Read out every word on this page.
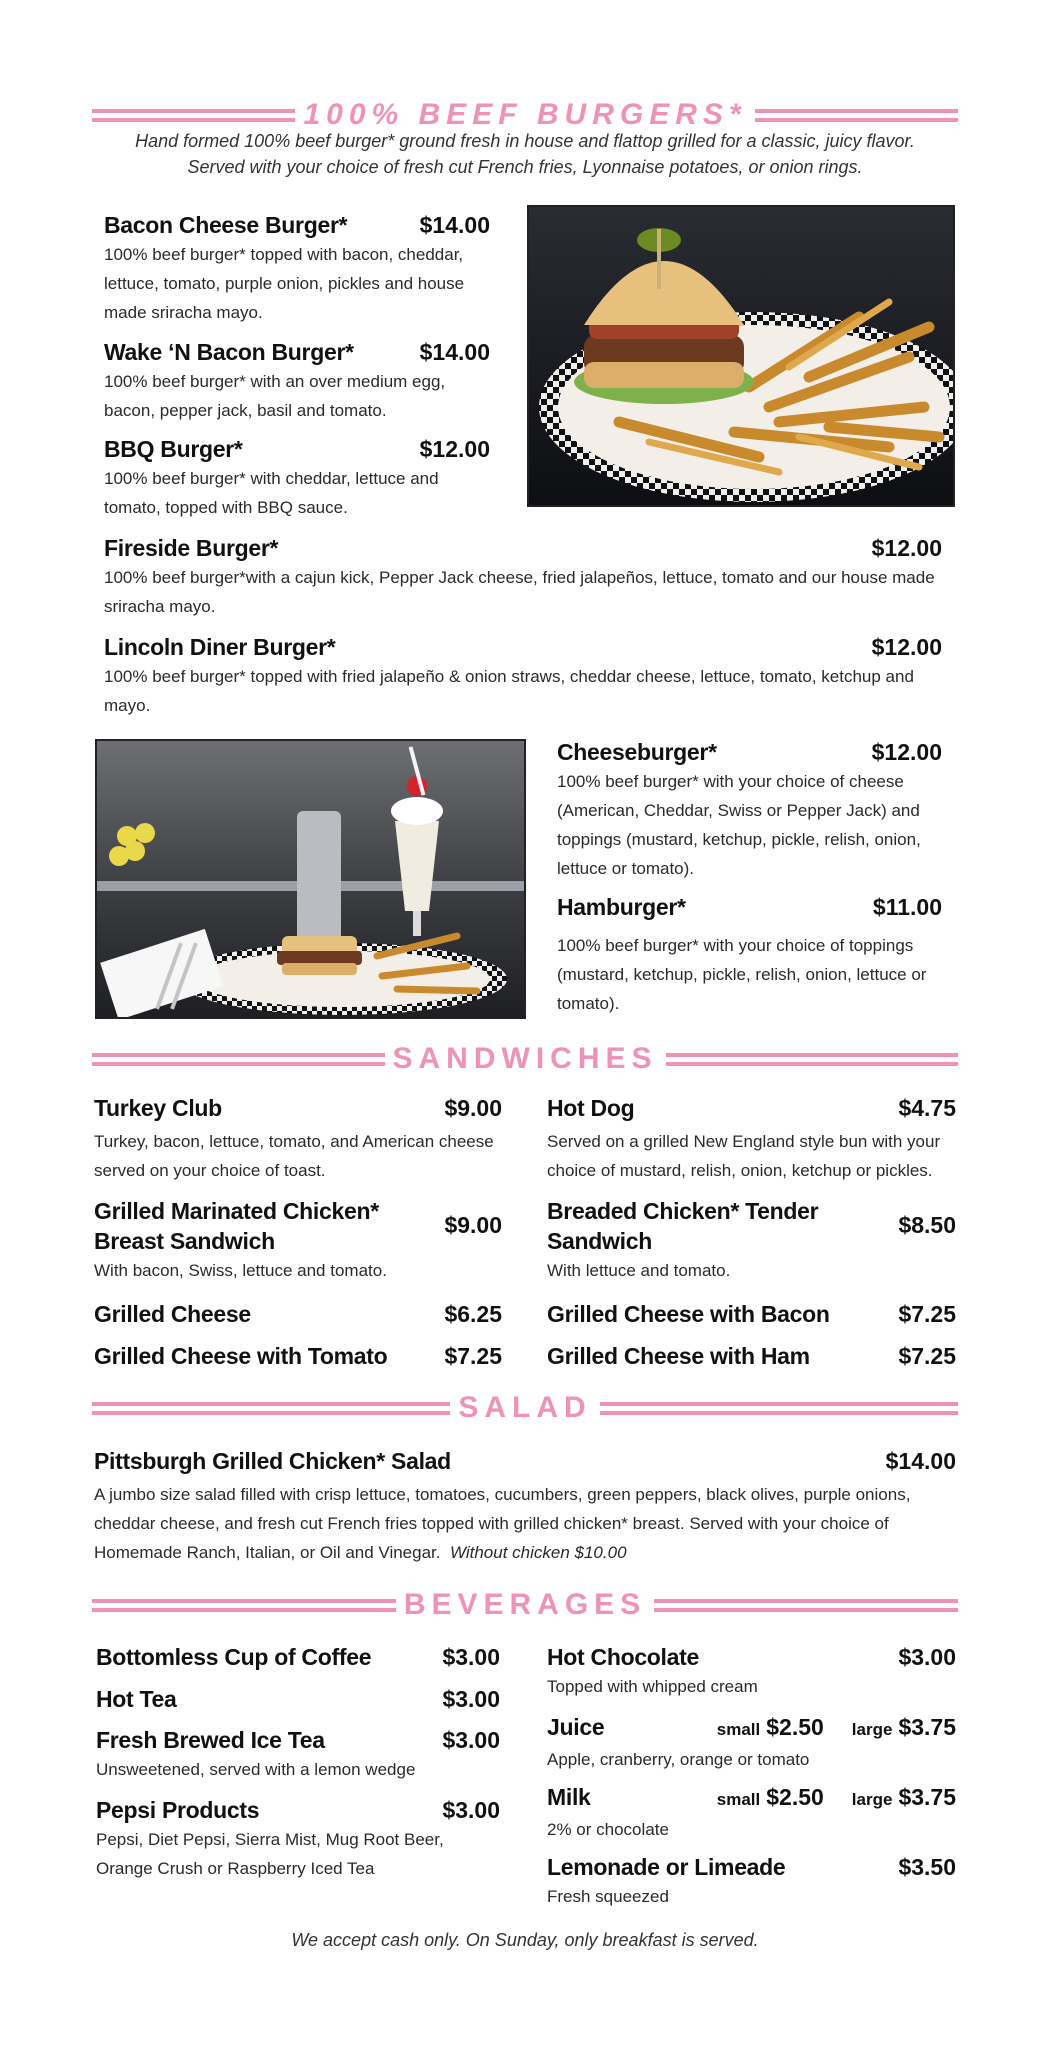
100% BEEF BURGERS*
Hand formed 100% beef burger* ground fresh in house and flattop grilled for a classic, juicy flavor.
Served with your choice of fresh cut French fries, Lyonnaise potatoes, or onion rings.
Bacon Cheese Burger*	$14.00
100% beef burger* topped with bacon, cheddar, lettuce, tomato, purple onion, pickles and house made sriracha mayo.
Wake ‘N Bacon Burger*	$14.00
100% beef burger* with an over medium egg, bacon, pepper jack, basil and tomato.
BBQ Burger*	$12.00
100% beef burger* with cheddar, lettuce and tomato, topped with BBQ sauce.
Fireside Burger*	$12.00
100% beef burger*with a cajun kick, Pepper Jack cheese, fried jalapeños, lettuce, tomato and our house made sriracha mayo.
Lincoln Diner Burger*	$12.00
100% beef burger* topped with fried jalapeño & onion straws, cheddar cheese, lettuce, tomato, ketchup and mayo.
Cheeseburger*	$12.00
100% beef burger* with your choice of cheese (American, Cheddar, Swiss or Pepper Jack) and toppings (mustard, ketchup, pickle, relish, onion, lettuce or tomato).
Hamburger*	$11.00
100% beef burger* with your choice of toppings (mustard, ketchup, pickle, relish, onion, lettuce or tomato).
SANDWICHES
Turkey Club	$9.00
Turkey, bacon, lettuce, tomato, and American cheese served on your choice of toast.
Hot Dog	$4.75
Served on a grilled New England style bun with your choice of mustard, relish, onion, ketchup or pickles.
Grilled Marinated Chicken* Breast Sandwich
$9.00
With bacon, Swiss, lettuce and tomato.
Breaded Chicken* Tender Sandwich
$8.50
With lettuce and tomato.
Grilled Cheese	$6.25 Grilled Cheese with Bacon	$7.25
Grilled Cheese with Tomato $7.25 Grilled Cheese with Ham	$7.25
SALAD
Pittsburgh Grilled Chicken* Salad	$14.00
A jumbo size salad filled with crisp lettuce, tomatoes, cucumbers, green peppers, black olives, purple onions, cheddar cheese, and fresh cut French fries topped with grilled chicken* breast. Served with your choice of Homemade Ranch, Italian, or Oil and Vinegar. Without chicken $10.00
BEVERAGES
Bottomless Cup of Coffee	$3.00
Hot Tea	$3.00
Fresh Brewed Ice Tea	$3.00
Unsweetened, served with a lemon wedge
Pepsi Products	$3.00
Pepsi, Diet Pepsi, Sierra Mist, Mug Root Beer, Orange Crush or Raspberry Iced Tea
Hot Chocolate	$3.00
Topped with whipped cream
Juice	small $2.50 large $3.75
Apple, cranberry, orange or tomato
Milk	small $2.50 large $3.75
2% or chocolate
Lemonade or Limeade	$3.50
Fresh squeezed
We accept cash only. On Sunday, only breakfast is served.
